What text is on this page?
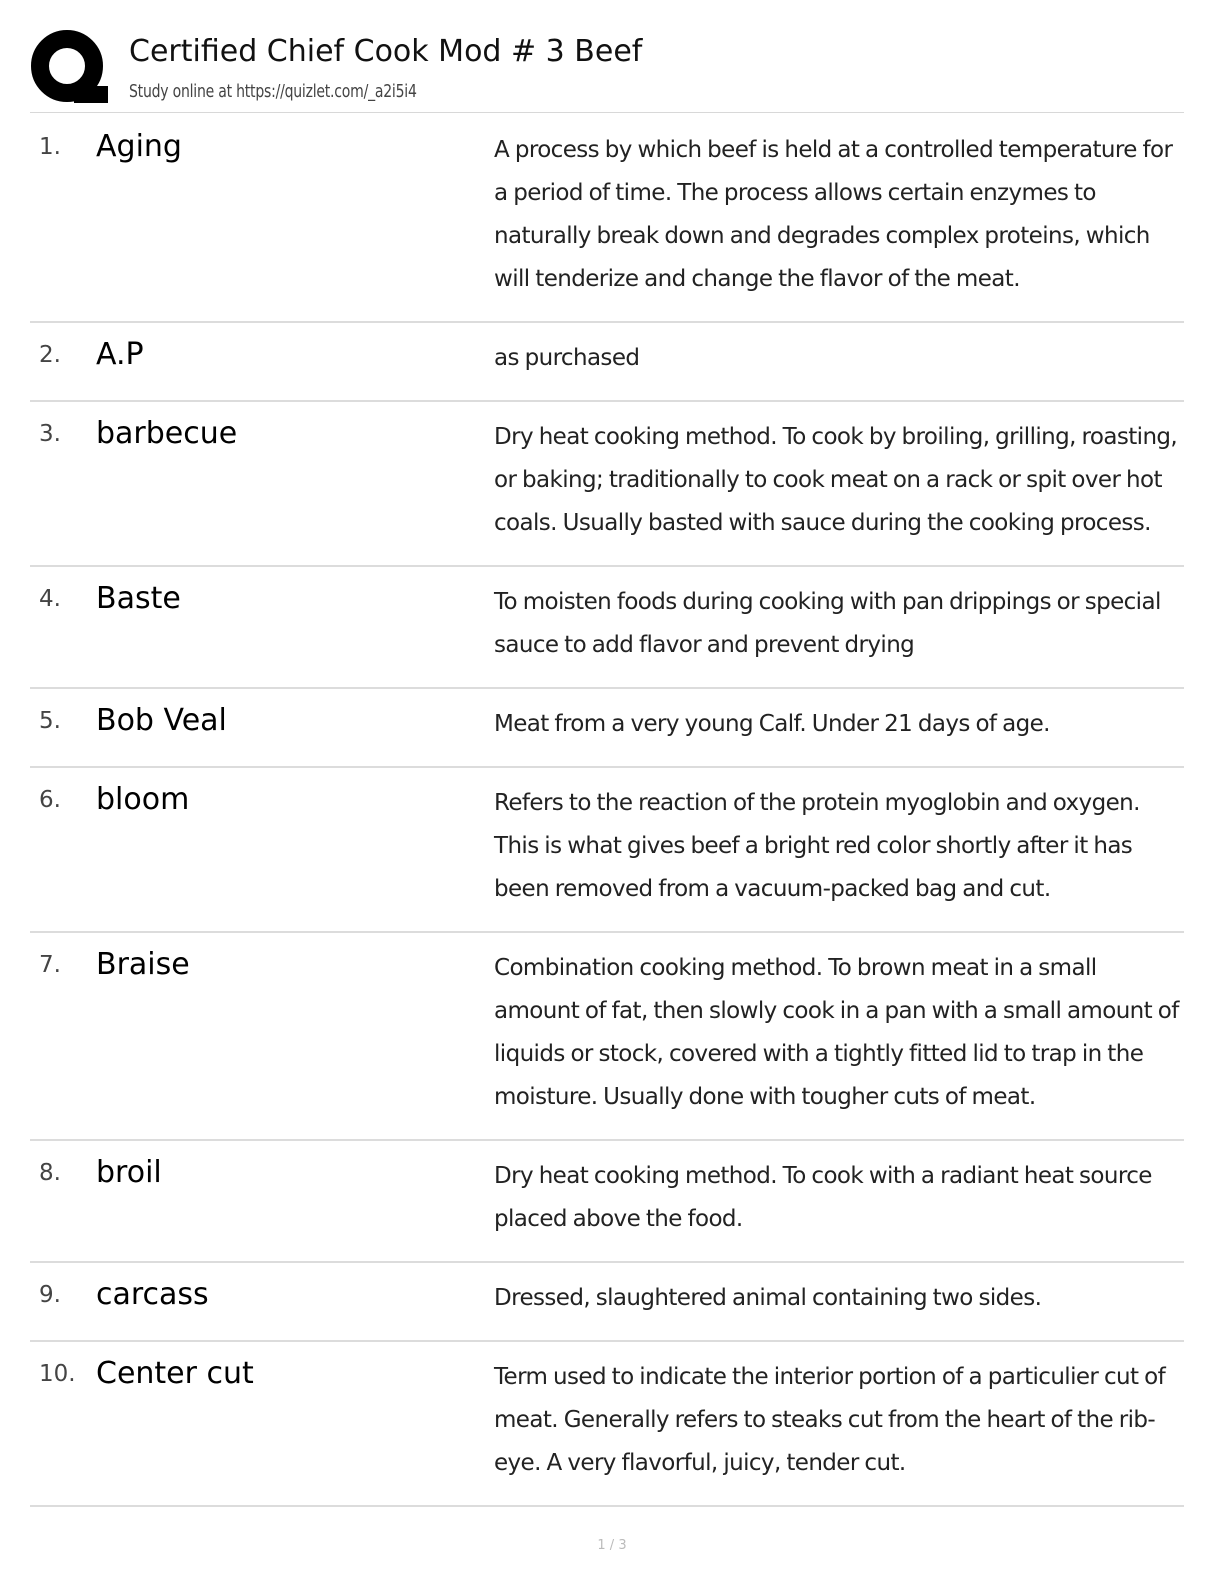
Certified Chief Cook Mod # 3 Beef
Study online at https://quizlet.com/_a2i5i4
1.	Aging	A process by which beef is held at a controlled temperature for a period of time. The process allows certain enzymes to naturally break down and degrades complex proteins, which will tenderize and change the flavor of the meat.
2.	A.P	as purchased
3.	barbecue	Dry heat cooking method. To cook by broiling, grilling, roasting, or baking; traditionally to cook meat on a rack or spit over hot coals. Usually basted with sauce during the cooking process.
4.	Baste	To moisten foods during cooking with pan drippings or special sauce to add flavor and prevent drying
5.	Bob Veal	Meat from a very young Calf. Under 21 days of age.
6.	bloom	Refers to the reaction of the protein myoglobin and oxygen. This is what gives beef a bright red color shortly after it has been removed from a vacuum-packed bag and cut.
7.	Braise	Combination cooking method. To brown meat in a small amount of fat, then slowly cook in a pan with a small amount of liquids or stock, covered with a tightly fitted lid to trap in the moisture. Usually done with tougher cuts of meat.
8.	broil	Dry heat cooking method. To cook with a radiant heat source placed above the food.
9.	carcass	Dressed, slaughtered animal containing two sides.
10. Center cut	Term used to indicate the interior portion of a particulier cut of meat. Generally refers to steaks cut from the heart of the rib-eye. A very flavorful, juicy, tender cut.
1 / 3
